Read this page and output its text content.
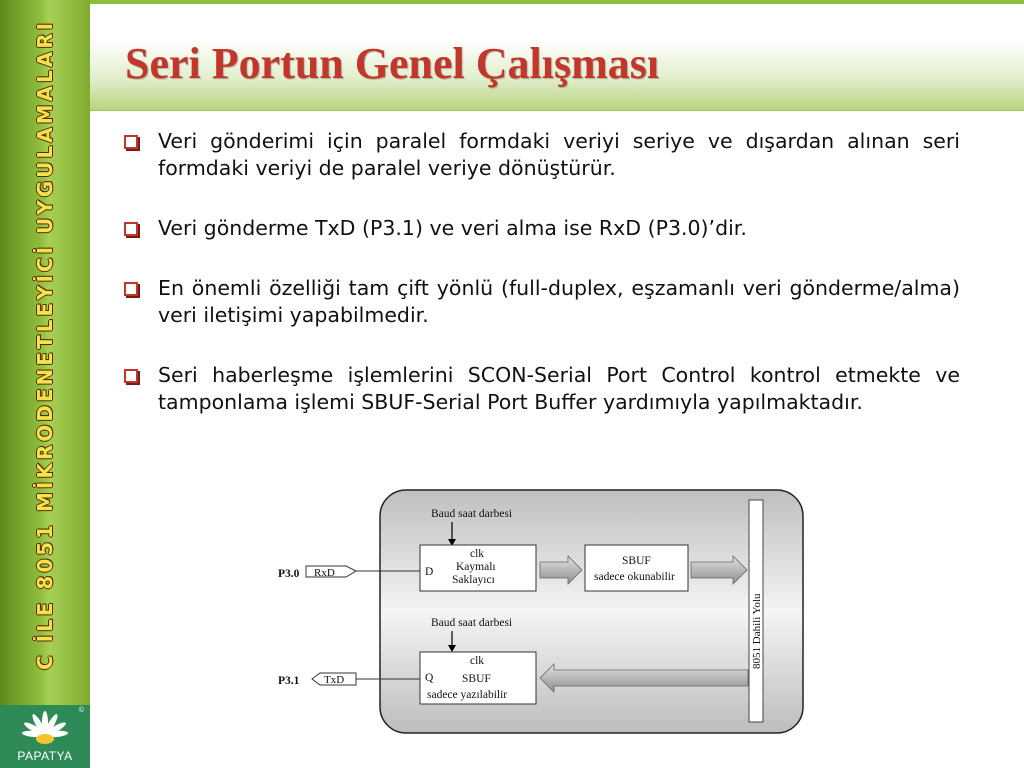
C İLE 8051 MİKRODENETLEYİCİ UYGULAMALARI
©
PAPATYA
Seri Portun Genel Çalışması
Veri gönderimi için paralel formdaki veriyi seriye ve dışardan alınan seri formdaki veriyi de paralel veriye dönüştürür.
Veri gönderme TxD (P3.1) ve veri alma ise RxD (P3.0)’dir.
En önemli özelliği tam çift yönlü (full-duplex, eşzamanlı veri gönderme/alma) veri iletişimi yapabilmedir.
Seri haberleşme işlemlerini SCON-Serial Port Control kontrol etmekte ve tamponlama işlemi SBUF-Serial Port Buffer yardımıyla yapılmaktadır.
8051 Dahili Yolu
Baud saat darbesi
clk
Kaymalı
Saklayıcı
D
P3.0 RxD
SBUF
sadece okunabilir
Baud saat darbesi
clk
Q SBUF
sadece yazılabilir
P3.1 TxD
